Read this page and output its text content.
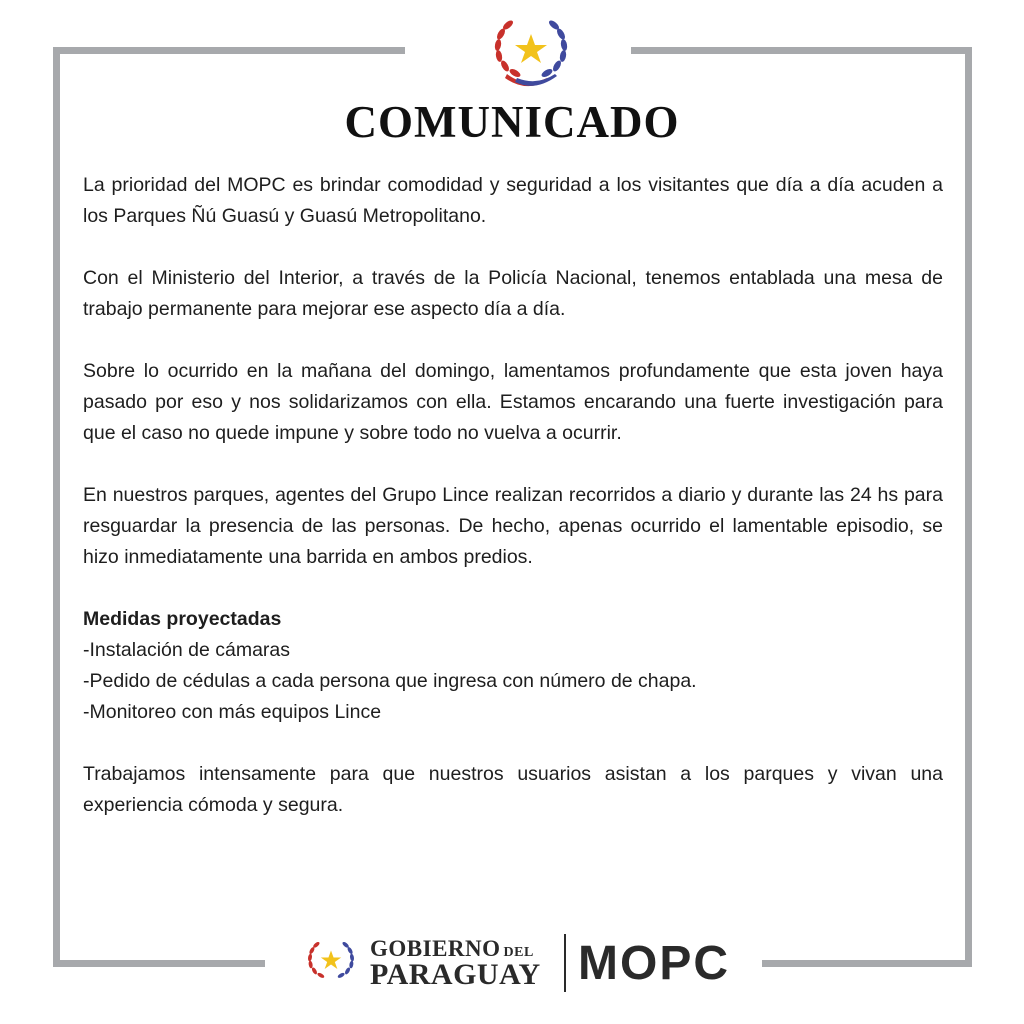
COMUNICADO

La prioridad del MOPC es brindar comodidad y seguridad a los visitantes que día a día acuden a los Parques Ñú Guasú y Guasú Metropolitano.

Con el Ministerio del Interior, a través de la Policía Nacional, tenemos entablada una mesa de trabajo permanente para mejorar ese aspecto día a día.

Sobre lo ocurrido en la mañana del domingo, lamentamos profundamente que esta joven haya pasado por eso y nos solidarizamos con ella. Estamos encarando una fuerte investigación para que el caso no quede impune y sobre todo no vuelva a ocurrir.

En nuestros parques, agentes del Grupo Lince realizan recorridos a diario y durante las 24 hs para resguardar la presencia de las personas. De hecho, apenas ocurrido el lamentable episodio, se hizo inmediatamente una barrida en ambos predios.

Medidas proyectadas

-Instalación de cámaras

-Pedido de cédulas a cada persona que ingresa con número de chapa.

-Monitoreo con más equipos Lince

Trabajamos intensamente para que nuestros usuarios asistan a los parques y vivan una experiencia cómoda y segura.

GOBIERNO DEL
PARAGUAY MOPC
